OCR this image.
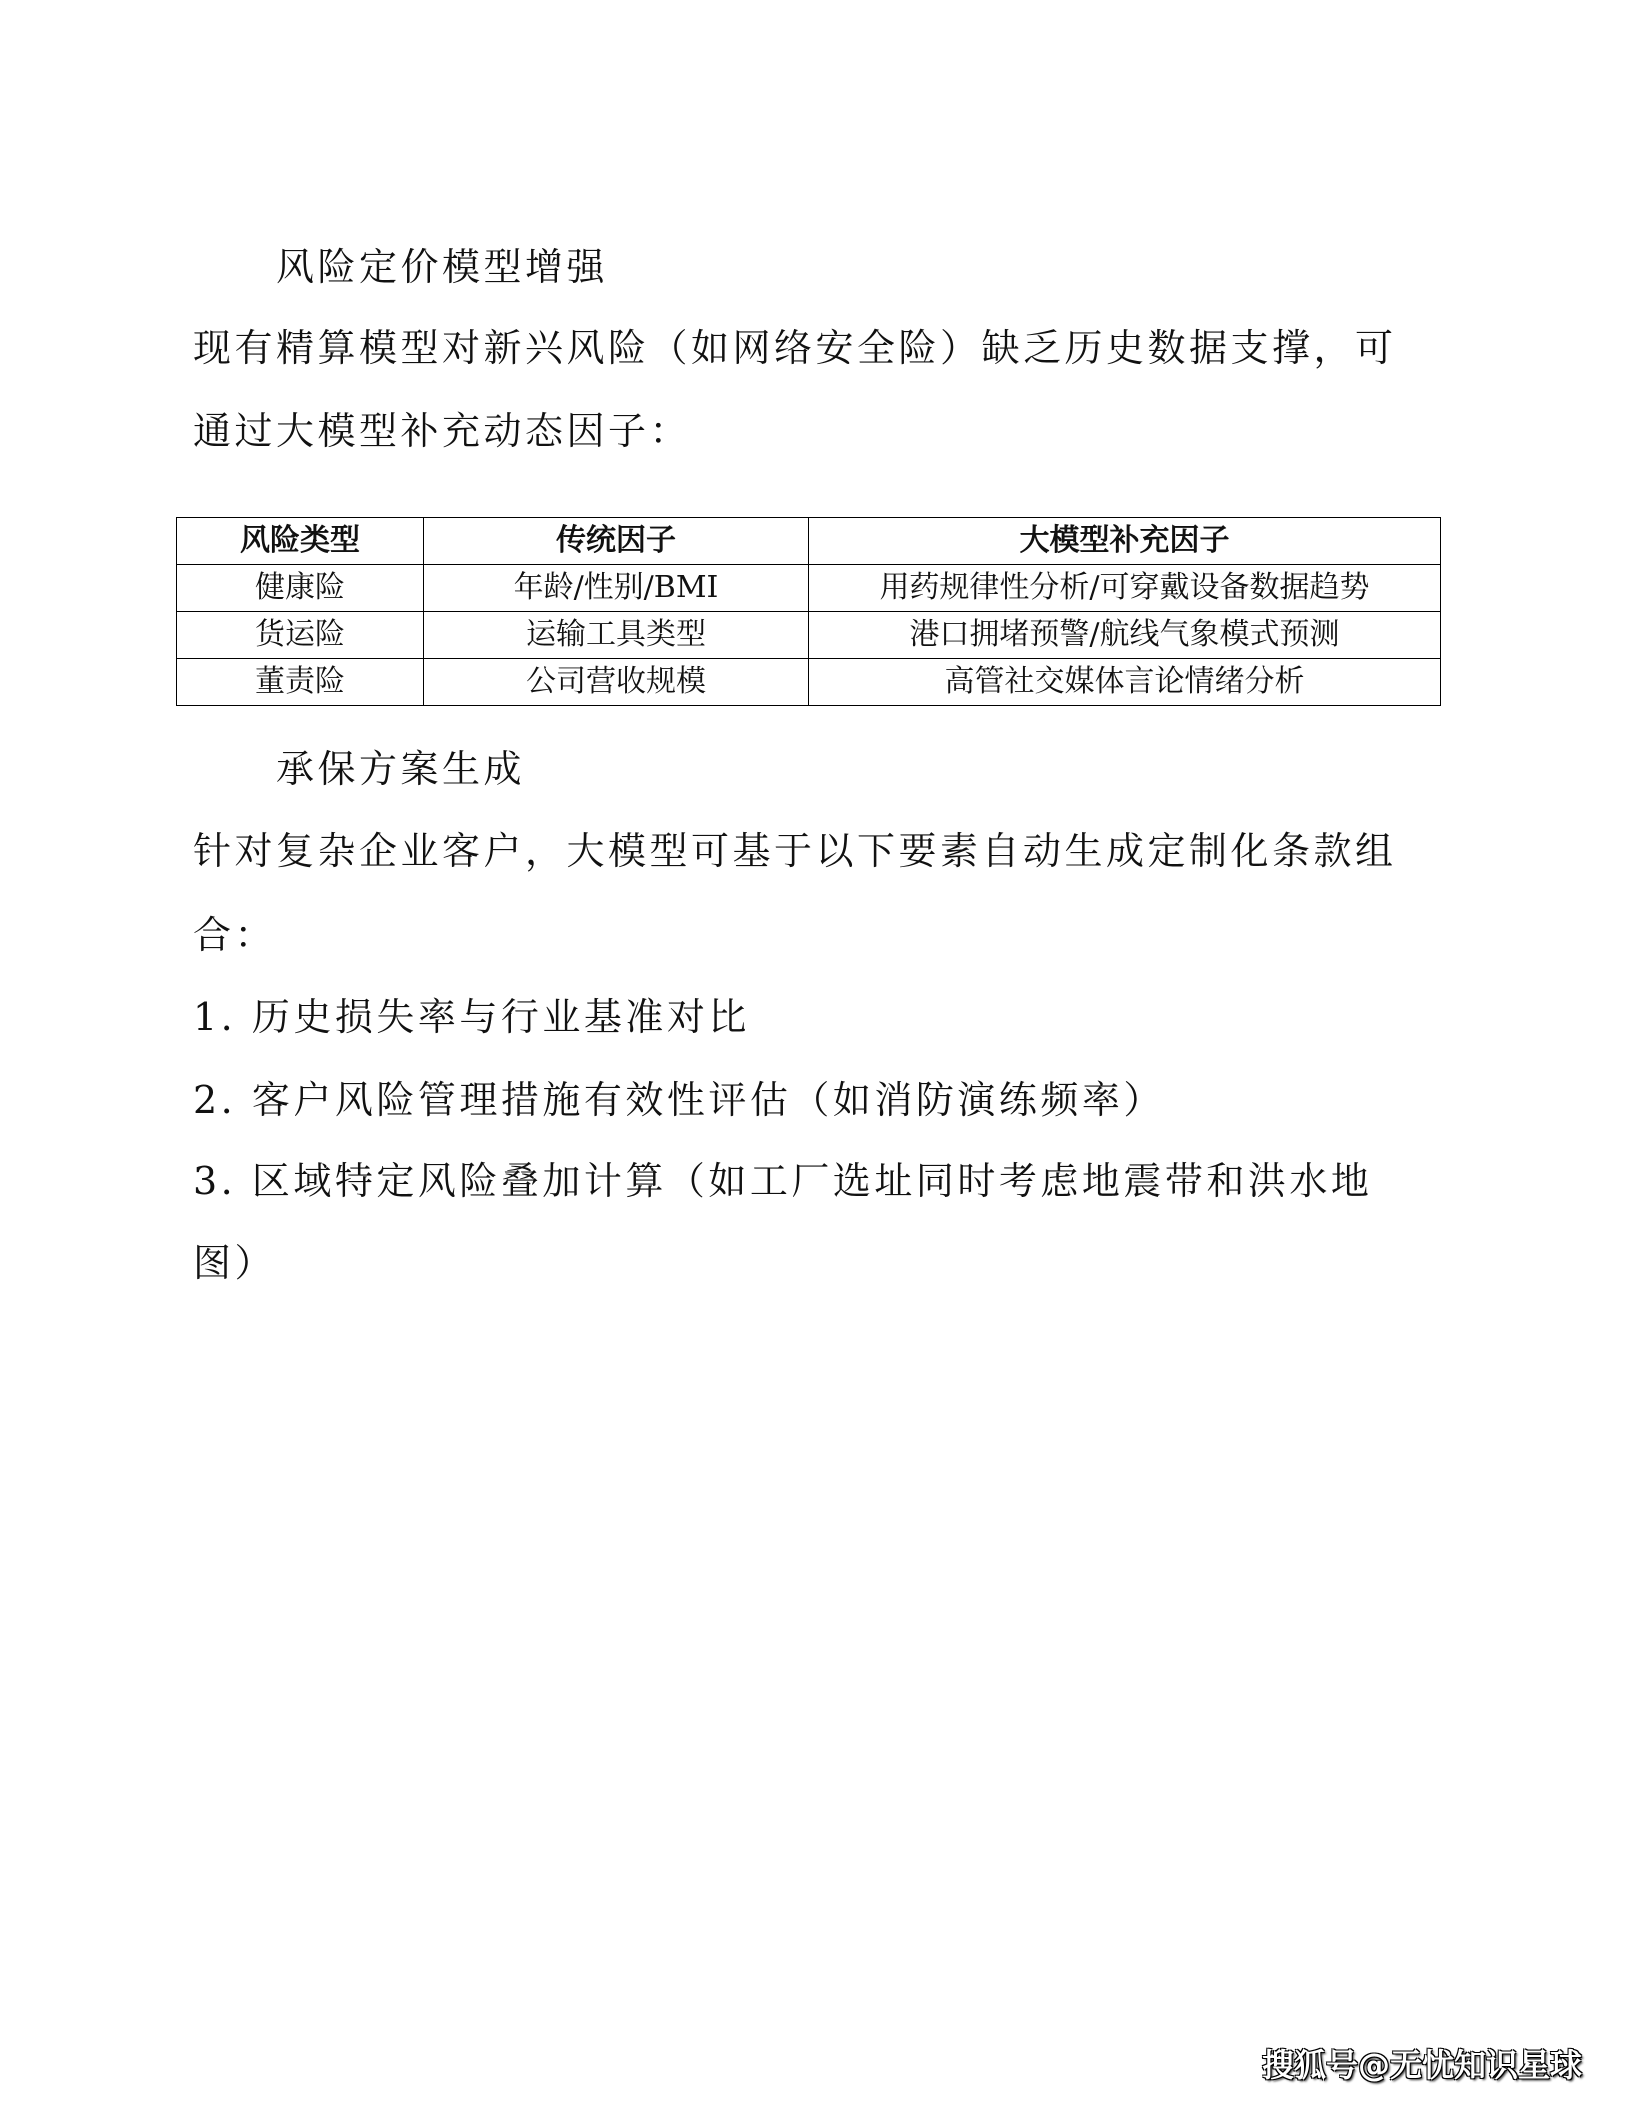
风险定价模型增强
现有精算模型对新兴风险（如网络安全险）缺乏历史数据支撑，可
通过大模型补充动态因子：
风险类型	传统因子	大模型补充因子
健康险	年龄/性别/BMI	用药规律性分析/可穿戴设备数据趋势
货运险	运输工具类型	港口拥堵预警/航线气象模式预测
董责险	公司营收规模	高管社交媒体言论情绪分析
承保方案生成
针对复杂企业客户，大模型可基于以下要素自动生成定制化条款组
合：
1. 历史损失率与行业基准对比
2. 客户风险管理措施有效性评估（如消防演练频率）
3. 区域特定风险叠加计算（如工厂选址同时考虑地震带和洪水地
图）
搜狐号@无忧知识星球
